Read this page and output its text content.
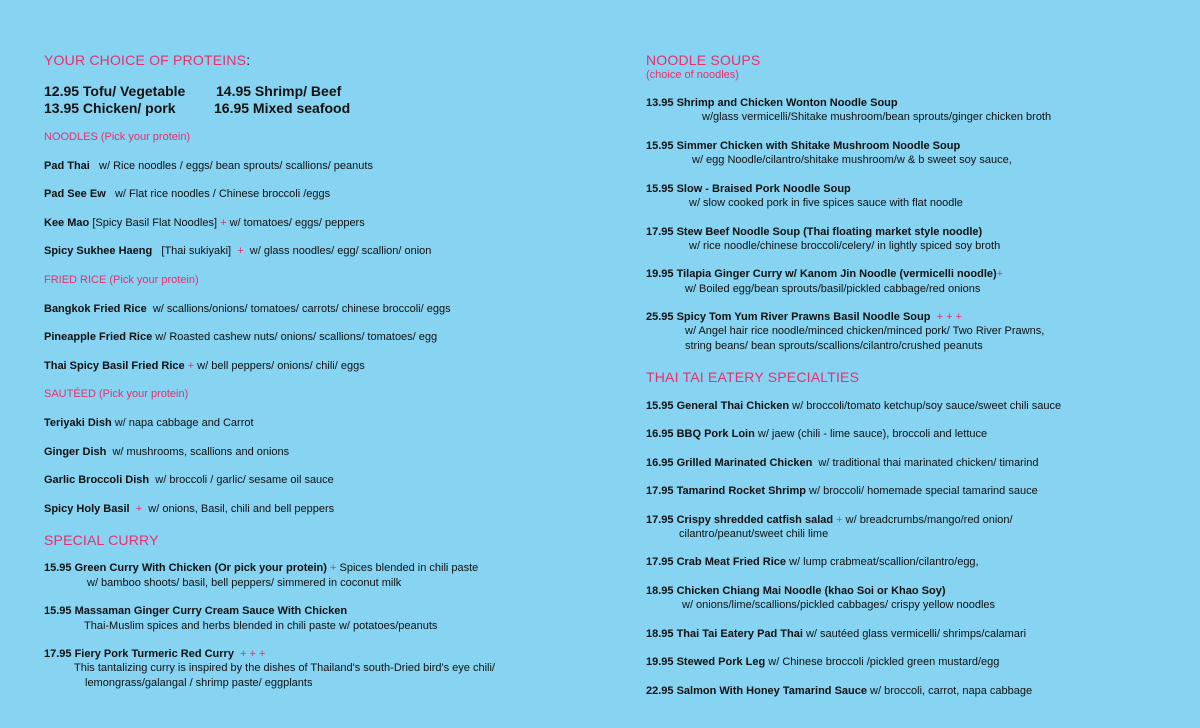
YOUR CHOICE OF PROTEINS:
12.95 Tofu/ Vegetable 14.95 Shrimp/ Beef
13.95 Chicken/ pork	16.95 Mixed seafood
NOODLES (Pick your protein)
Pad Thai w/ Rice noodles / eggs/ bean sprouts/ scallions/ peanuts
Pad See Ew w/ Flat rice noodles / Chinese broccoli /eggs
Kee Mao [Spicy Basil Flat Noodles] + w/ tomatoes/ eggs/ peppers
Spicy Sukhee Haeng [Thai sukiyaki] + w/ glass noodles/ egg/ scallion/ onion
FRIED RICE (Pick your protein)
Bangkok Fried Rice w/ scallions/onions/ tomatoes/ carrots/ chinese broccoli/ eggs
Pineapple Fried Rice w/ Roasted cashew nuts/ onions/ scallions/ tomatoes/ egg
Thai Spicy Basil Fried Rice + w/ bell peppers/ onions/ chili/ eggs
SAUTÉED (Pick your protein)
Teriyaki Dish w/ napa cabbage and Carrot
Ginger Dish w/ mushrooms, scallions and onions
Garlic Broccoli Dish w/ broccoli / garlic/ sesame oil sauce
Spicy Holy Basil + w/ onions, Basil, chili and bell peppers
SPECIAL CURRY
15.95 Green Curry With Chicken (Or pick your protein) + Spices blended in chili paste
w/ bamboo shoots/ basil, bell peppers/ simmered in coconut milk
15.95 Massaman Ginger Curry Cream Sauce With Chicken
Thai-Muslim spices and herbs blended in chili paste w/ potatoes/peanuts
17.95 Fiery Pork Turmeric Red Curry + + +
This tantalizing curry is inspired by the dishes of Thailand's south-Dried bird's eye chili/
lemongrass/galangal / shrimp paste/ eggplants
NOODLE SOUPS
(choice of noodles)
13.95 Shrimp and Chicken Wonton Noodle Soup
w/glass vermicelli/Shitake mushroom/bean sprouts/ginger chicken broth
15.95 Simmer Chicken with Shitake Mushroom Noodle Soup
w/ egg Noodle/cilantro/shitake mushroom/w & b sweet soy sauce,
15.95 Slow - Braised Pork Noodle Soup
w/ slow cooked pork in five spices sauce with flat noodle
17.95 Stew Beef Noodle Soup (Thai floating market style noodle)
w/ rice noodle/chinese broccoli/celery/ in lightly spiced soy broth
19.95 Tilapia Ginger Curry w/ Kanom Jin Noodle (vermicelli noodle)+
w/ Boiled egg/bean sprouts/basil/pickled cabbage/red onions
25.95 Spicy Tom Yum River Prawns Basil Noodle Soup + + +
w/ Angel hair rice noodle/minced chicken/minced pork/ Two River Prawns,
string beans/ bean sprouts/scallions/cilantro/crushed peanuts
THAI TAI EATERY SPECIALTIES
15.95 General Thai Chicken w/ broccoli/tomato ketchup/soy sauce/sweet chili sauce
16.95 BBQ Pork Loin w/ jaew (chili - lime sauce), broccoli and lettuce
16.95 Grilled Marinated Chicken w/ traditional thai marinated chicken/ timarind
17.95 Tamarind Rocket Shrimp w/ broccoli/ homemade special tamarind sauce
17.95 Crispy shredded catfish salad + w/ breadcrumbs/mango/red onion/
cilantro/peanut/sweet chili lime
17.95 Crab Meat Fried Rice w/ lump crabmeat/scallion/cilantro/egg,
18.95 Chicken Chiang Mai Noodle (khao Soi or Khao Soy)
w/ onions/lime/scallions/pickled cabbages/ crispy yellow noodles
18.95 Thai Tai Eatery Pad Thai w/ sautéed glass vermicelli/ shrimps/calamari
19.95 Stewed Pork Leg w/ Chinese broccoli /pickled green mustard/egg
22.95 Salmon With Honey Tamarind Sauce w/ broccoli, carrot, napa cabbage
